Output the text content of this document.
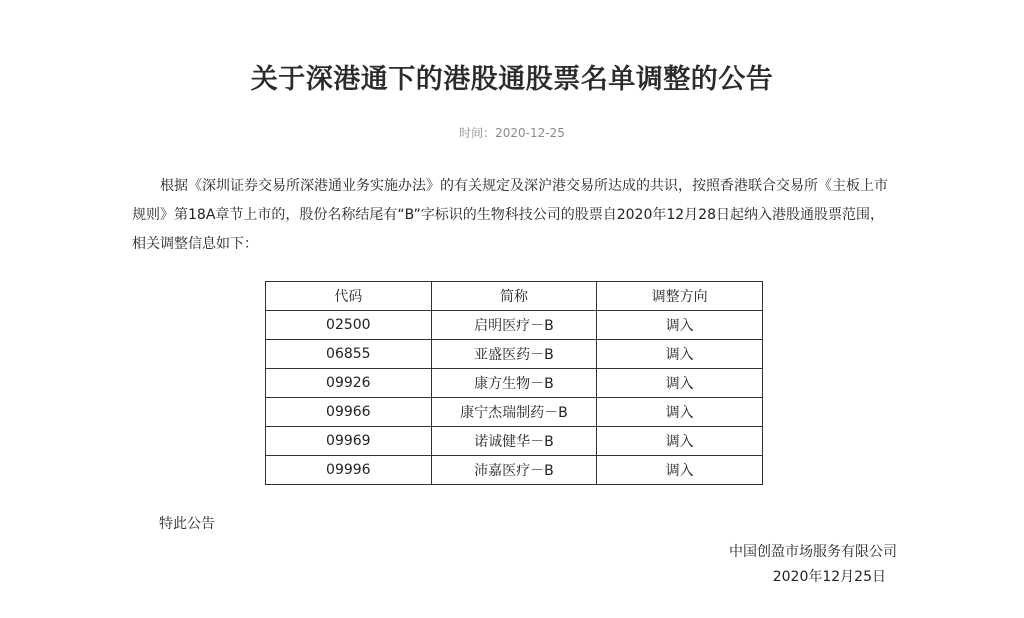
关于深港通下的港股通股票名单调整的公告
时间：2020-12-25

根据《深圳证券交易所深港通业务实施办法》的有关规定及深沪港交易所达成的共识，按照香港联合交易所《主板上市规则》第18A章节上市的，股份名称结尾有“B”字标识的生物科技公司的股票自2020年12月28日起纳入港股通股票范围，相关调整信息如下：

代码	简称	调整方向
02500	启明医疗－B	调入
06855	亚盛医药－B	调入
09926	康方生物－B	调入
09966	康宁杰瑞制药－B	调入
09969	诺诚健华－B	调入
09996	沛嘉医疗－B	调入
特此公告
中国创盈市场服务有限公司
2020年12月25日
